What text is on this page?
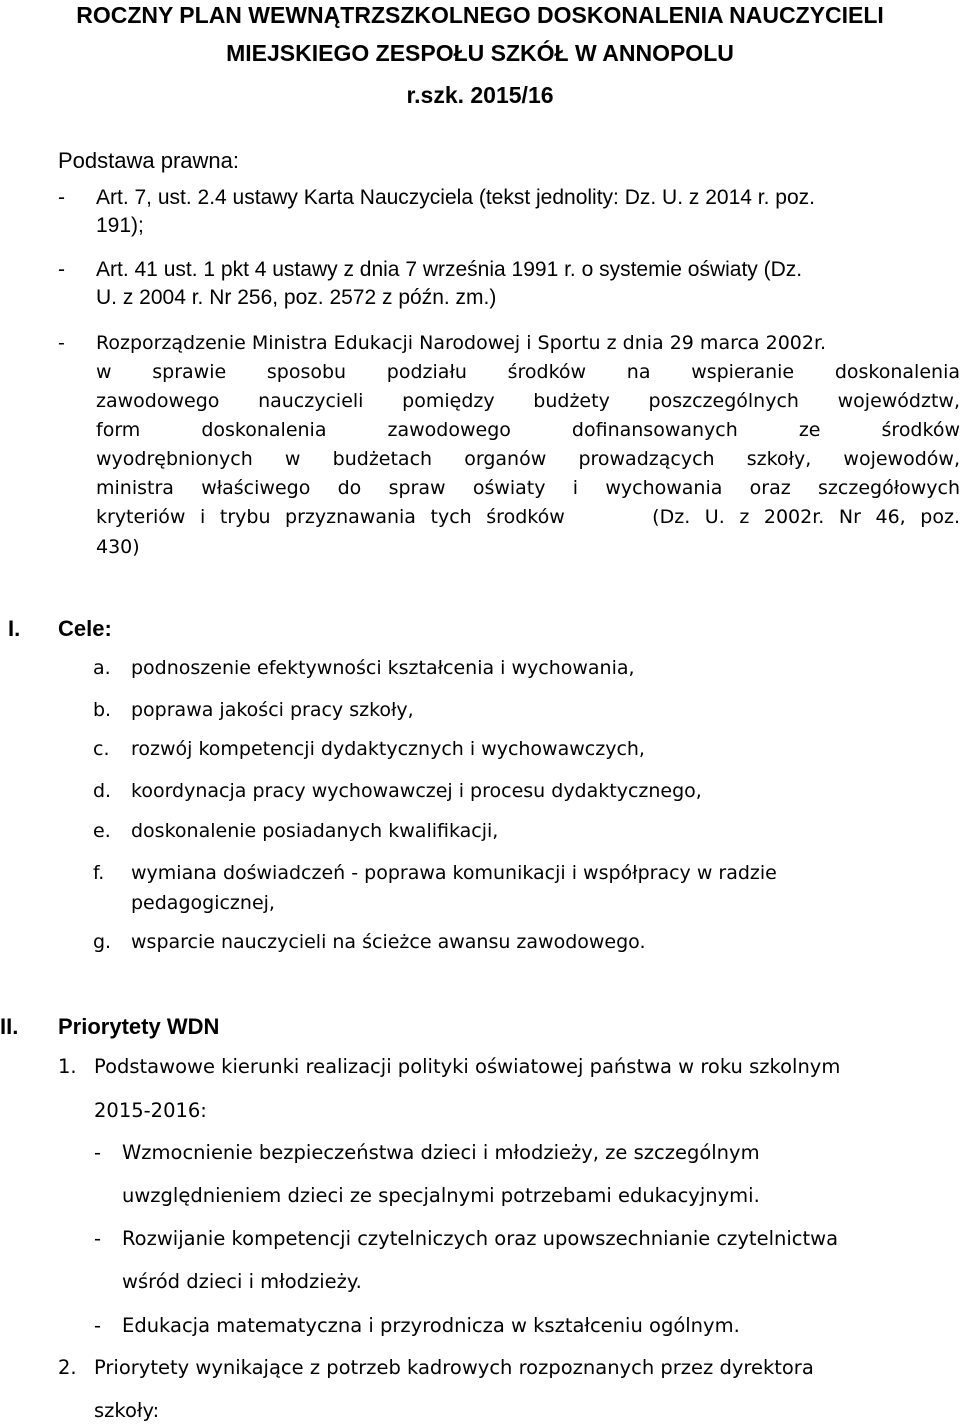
ROCZNY PLAN WEWNĄTRZSZKOLNEGO DOSKONALENIA NAUCZYCIELI
MIEJSKIEGO ZESPOŁU SZKÓŁ W ANNOPOLU
r.szk. 2015/16
Podstawa prawna:
- Art. 7, ust. 2.4 ustawy Karta Nauczyciela (tekst jednolity: Dz. U. z 2014 r. poz.
191);
- Art. 41 ust. 1 pkt 4 ustawy z dnia 7 września 1991 r. o systemie oświaty (Dz.
U. z 2004 r. Nr 256, poz. 2572 z późn. zm.)
- Rozporządzenie Ministra Edukacji Narodowej i Sportu z dnia 29 marca 2002r.
w sprawie sposobu podziału środków na wspieranie doskonalenia
zawodowego nauczycieli pomiędzy budżety poszczególnych województw,
form doskonalenia zawodowego dofinansowanych ze środków
wyodrębnionych w budżetach organów prowadzących szkoły, wojewodów,
ministra właściwego do spraw oświaty i wychowania oraz szczegółowych
kryteriów i trybu przyznawania tych środków      (Dz. U. z 2002r. Nr 46, poz.
430)
I. Cele:
a. podnoszenie efektywności kształcenia i wychowania,
b. poprawa jakości pracy szkoły,
c. rozwój kompetencji dydaktycznych i wychowawczych,
d. koordynacja pracy wychowawczej i procesu dydaktycznego,
e. doskonalenie posiadanych kwalifikacji,
f. wymiana doświadczeń - poprawa komunikacji i współpracy w radzie
pedagogicznej,
g. wsparcie nauczycieli na ścieżce awansu zawodowego.
II. Priorytety WDN
1. Podstawowe kierunki realizacji polityki oświatowej państwa w roku szkolnym
2015-2016:
- Wzmocnienie bezpieczeństwa dzieci i młodzieży, ze szczególnym
uwzględnieniem dzieci ze specjalnymi potrzebami edukacyjnymi.
- Rozwijanie kompetencji czytelniczych oraz upowszechnianie czytelnictwa
wśród dzieci i młodzieży.
- Edukacja matematyczna i przyrodnicza w kształceniu ogólnym.
2. Priorytety wynikające z potrzeb kadrowych rozpoznanych przez dyrektora
szkoły:
